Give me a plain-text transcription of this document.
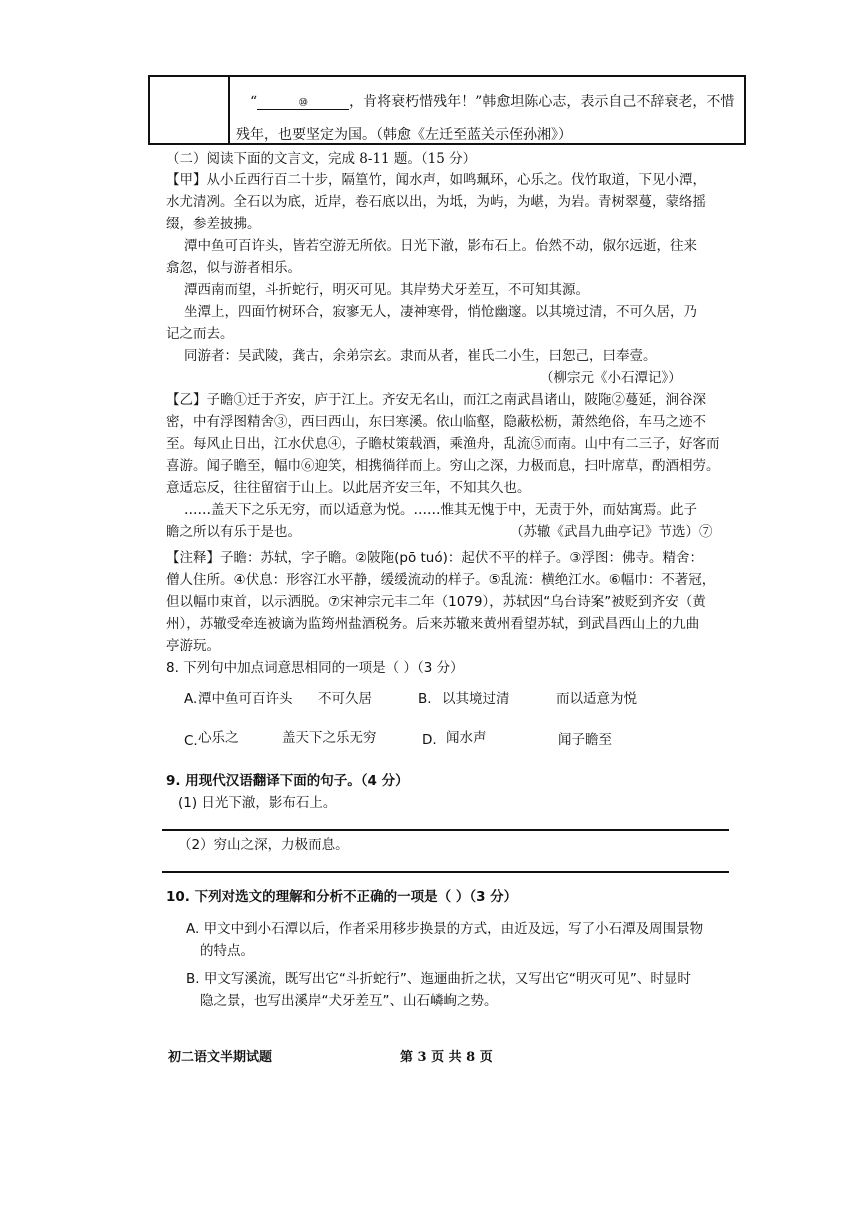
“	⑩	，肯将衰朽惜残年！”韩愈坦陈心志，表示自己不辞衰老，不惜
残年，也要坚定为国。（韩愈《左迁至蓝关示侄孙湘》）
（二）阅读下面的文言文，完成 8-11 题。（15 分）
【甲】从小丘西行百二十步，隔篁竹，闻水声，如鸣珮环，心乐之。伐竹取道，下见小潭，
水尤清冽。全石以为底，近岸，卷石底以出，为坻，为屿，为嵁，为岩。青树翠蔓，蒙络摇
缀，参差披拂。
潭中鱼可百许头，皆若空游无所依。日光下澈，影布石上。佁然不动，俶尔远逝，往来
翕忽，似与游者相乐。
潭西南而望，斗折蛇行，明灭可见。其岸势犬牙差互，不可知其源。
坐潭上，四面竹树环合，寂寥无人，凄神寒骨，悄怆幽邃。以其境过清，不可久居，乃
记之而去。
同游者：吴武陵，龚古，余弟宗玄。隶而从者，崔氏二小生，曰恕己，曰奉壹。
（柳宗元《小石潭记》）
【乙】子瞻①迁于齐安，庐于江上。齐安无名山，而江之南武昌诸山，陂陁②蔓延，涧谷深
密，中有浮图精舍③，西曰西山，东曰寒溪。依山临壑，隐蔽松枥，萧然绝俗，车马之迹不
至。每风止日出，江水伏息④，子瞻杖策载酒，乘渔舟，乱流⑤而南。山中有二三子，好客而
喜游。闻子瞻至，幅巾⑥迎笑，相携徜徉而上。穷山之深，力极而息，扫叶席草，酌酒相劳。
意适忘反，往往留宿于山上。以此居齐安三年，不知其久也。
……盖天下之乐无穷，而以适意为悦。……惟其无愧于中，无责于外，而姑寓焉。此子
瞻之所以有乐于是也。	（苏辙《武昌九曲亭记》节选）⑦
【注释】子瞻：苏轼，字子瞻。②陂陁(pō tuó)：起伏不平的样子。③浮图：佛寺。精舍：
僧人住所。④伏息：形容江水平静，缓缓流动的样子。⑤乱流：横绝江水。⑥幅巾：不著冠，
但以幅巾束首，以示洒脱。⑦宋神宗元丰二年（1079），苏轼因“乌台诗案”被贬到齐安（黄
州），苏辙受牵连被谪为监筠州盐酒税务。后来苏辙来黄州看望苏轼，到武昌西山上的九曲
亭游玩。
8. 下列句中加点词意思相同的一项是（ ）（3 分）
A. 潭中鱼可百许头 不可久居	B. 以其境过清	而以适意为悦
C. 心乐之	盖天下之乐无穷	D. 闻水声	闻子瞻至
9. 用现代汉语翻译下面的句子。（4 分）
(1) 日光下澈，影布石上。
（2）穷山之深，力极而息。
10. 下列对选文的理解和分析不正确的一项是（ ）（3 分）
A. 甲文中到小石潭以后，作者采用移步换景的方式，由近及远，写了小石潭及周围景物
的特点。
B. 甲文写溪流，既写出它“斗折蛇行”、迤逦曲折之状，又写出它“明灭可见”、时显时
隐之景，也写出溪岸“犬牙差互”、山石嶙峋之势。
初二语文半期试题	第 3 页 共 8 页
